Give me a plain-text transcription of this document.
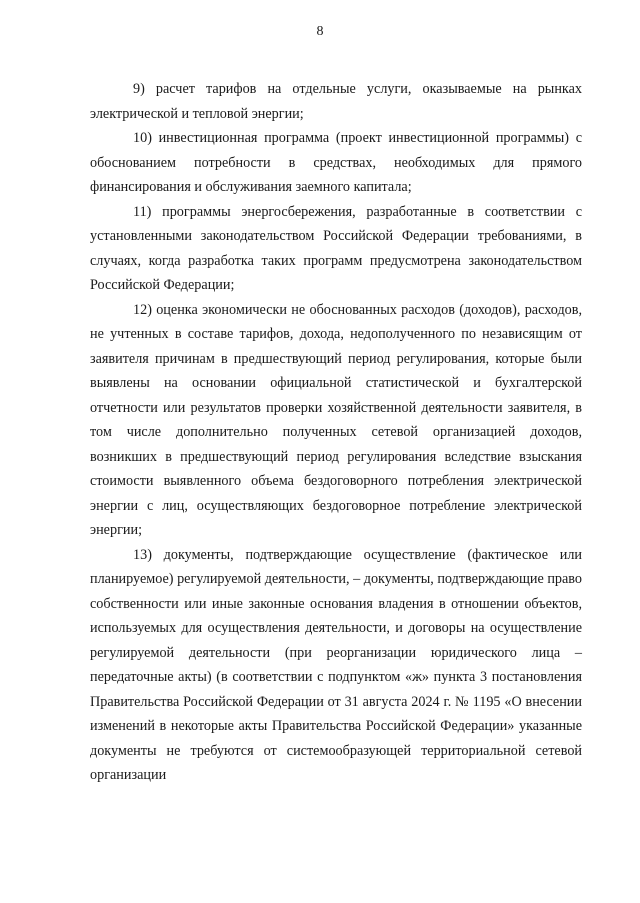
8

9) расчет тарифов на отдельные услуги, оказываемые на рынках электрической и тепловой энергии;

10) инвестиционная программа (проект инвестиционной программы) с обоснованием потребности в средствах, необходимых для прямого финансирования и обслуживания заемного капитала;

11) программы энергосбережения, разработанные в соответствии с установленными законодательством Российской Федерации требованиями, в случаях, когда разработка таких программ предусмотрена законодательством Российской Федерации;

12) оценка экономически не обоснованных расходов (доходов), расходов, не учтенных в составе тарифов, дохода, недополученного по независящим от заявителя причинам в предшествующий период регулирования, которые были выявлены на основании официальной статистической и бухгалтерской отчетности или результатов проверки хозяйственной деятельности заявителя, в том числе дополнительно полученных сетевой организацией доходов, возникших в предшествующий период регулирования вследствие взыскания стоимости выявленного объема бездоговорного потребления электрической энергии с лиц, осуществляющих бездоговорное потребление электрической энергии;

13) документы, подтверждающие осуществление (фактическое или планируемое) регулируемой деятельности, – документы, подтверждающие право собственности или иные законные основания владения в отношении объектов, используемых для осуществления деятельности, и договоры на осуществление регулируемой деятельности (при реорганизации юридического лица – передаточные акты) (в соответствии с подпунктом «ж» пункта 3 постановления Правительства Российской Федерации от 31 августа 2024 г. № 1195 «О внесении изменений в некоторые акты Правительства Российской Федерации» указанные документы не требуются от системообразующей территориальной сетевой организации
